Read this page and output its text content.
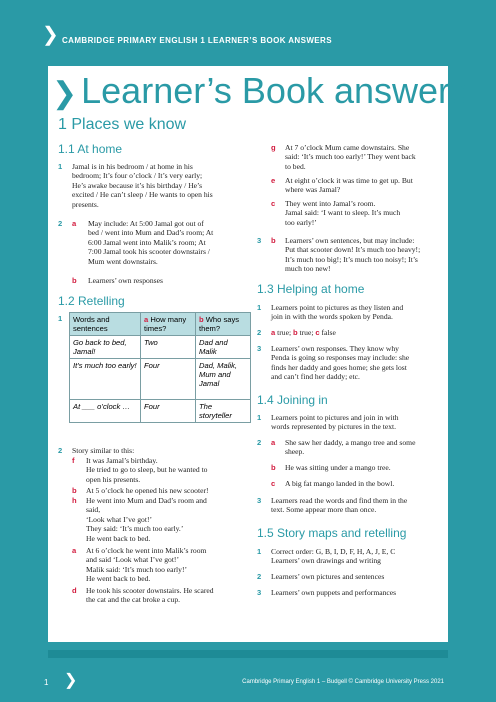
❯ CAMBRIDGE PRIMARY ENGLISH 1 LEARNER’S BOOK ANSWERS
❯ Learner’s Book answers
1 Places we know
1.1 At home
1 Jamal is in his bedroom / at home in his
bedroom; It’s four o’clock / It’s very early;
He’s awake because it’s his birthday / He’s
excited / He can’t sleep / He wants to open his
presents.
2 a May include: At 5:00 Jamal got out of
bed / went into Mum and Dad’s room; At
6:00 Jamal went into Malik’s room; At
7:00 Jamal took his scooter downstairs /
Mum went downstairs.
b Learners’ own responses
1.2 Retelling
1 Words and sentences	a How many times?	b Who says them?
Go back to bed, Jamal!	Two	Dad and Malik
It’s much too early!	Four	Dad, Malik, Mum and Jamal
At ___ o’clock …	Four	The storyteller
2 Story similar to this:
f It was Jamal’s birthday.
He tried to go to sleep, but he wanted to
open his presents.
b At 5 o’clock he opened his new scooter!
h He went into Mum and Dad’s room and
said,
‘Look what I’ve got!’
They said: ‘It’s much too early.’
He went back to bed.
a At 6 o’clock he went into Malik’s room
and said ‘Look what I’ve got!’
Malik said: ‘It’s much too early!’
He went back to bed.
d He took his scooter downstairs. He scared
the cat and the cat broke a cup.
g At 7 o’clock Mum came downstairs. She
said: ‘It’s much too early!’ They went back
to bed.
e At eight o’clock it was time to get up. But
where was Jamal?
c They went into Jamal’s room.
Jamal said: ‘I want to sleep. It’s much
too early!’
3 b Learners’ own sentences, but may include:
Put that scooter down! It’s much too heavy!;
It’s much too big!; It’s much too noisy!; It’s
much too new!
1.3 Helping at home
1 Learners point to pictures as they listen and
join in with the words spoken by Penda.
2 a true; b true; c false
3 Learners’ own responses. They know why
Penda is going so responses may include: she
finds her daddy and goes home; she gets lost
and can’t find her daddy; etc.
1.4 Joining in
1 Learners point to pictures and join in with
words represented by pictures in the text.
2 a She saw her daddy, a mango tree and some
sheep.
b He was sitting under a mango tree.
c A big fat mango landed in the bowl.
3 Learners read the words and find them in the
text. Some appear more than once.
1.5 Story maps and retelling
1 Correct order: G, B, I, D, F, H, A, J, E, C
Learners’ own drawings and writing
2 Learners’ own pictures and sentences
3 Learners’ own puppets and performances
1 ❯	Cambridge Primary English 1 – Budgell © Cambridge University Press 2021
